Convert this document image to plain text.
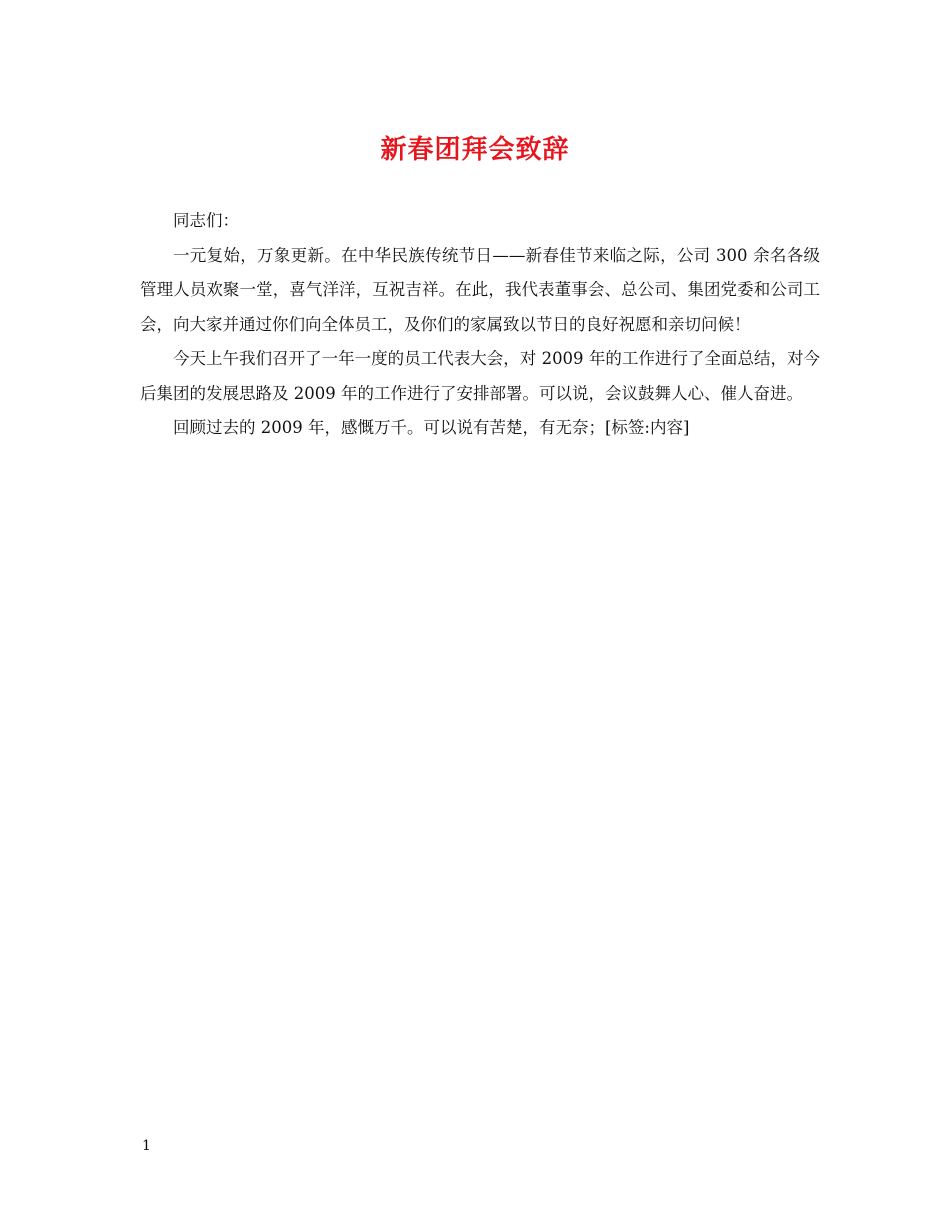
新春团拜会致辞

同志们：

一元复始，万象更新。在中华民族传统节日——新春佳节来临之际，公司 300 余名各级管理人员欢聚一堂，喜气洋洋，互祝吉祥。在此，我代表董事会、总公司、集团党委和公司工会，向大家并通过你们向全体员工，及你们的家属致以节日的良好祝愿和亲切问候！

今天上午我们召开了一年一度的员工代表大会，对 2009 年的工作进行了全面总结，对今后集团的发展思路及 2009 年的工作进行了安排部署。可以说，会议鼓舞人心、催人奋进。

回顾过去的 2009 年，感慨万千。可以说有苦楚，有无奈；[标签:内容]

1
